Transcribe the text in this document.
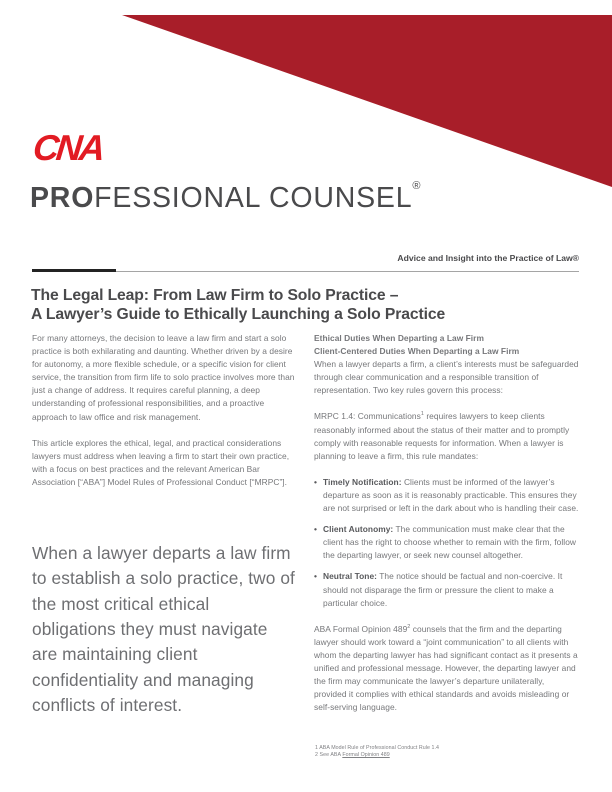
CNA
PROFESSIONAL COUNSEL®
Advice and Insight into the Practice of Law®
The Legal Leap: From Law Firm to Solo Practice –
A Lawyer’s Guide to Ethically Launching a Solo Practice

For many attorneys, the decision to leave a law firm and start a solo practice is both exhilarating and daunting. Whether driven by a desire for autonomy, a more flexible schedule, or a specific vision for client service, the transition from firm life to solo practice involves more than just a change of address. It requires careful planning, a deep understanding of professional responsibilities, and a proactive approach to law office and risk management.

This article explores the ethical, legal, and practical considerations lawyers must address when leaving a firm to start their own practice, with a focus on best practices and the relevant American Bar Association [“ABA”] Model Rules of Professional Conduct [“MRPC”].

When a lawyer departs a law firm to establish a solo practice, two of the most critical ethical obligations they must navigate are maintaining client confidentiality and managing conflicts of interest.

Ethical Duties When Departing a Law Firm

Client-Centered Duties When Departing a Law Firm

When a lawyer departs a firm, a client’s interests must be safeguarded through clear communication and a responsible transition of representation. Two key rules govern this process:

MRPC 1.4: Communications$^1$ requires lawyers to keep clients reasonably informed about the status of their matter and to promptly comply with reasonable requests for information. When a lawyer is planning to leave a firm, this rule mandates:

• Timely Notification: Clients must be informed of the lawyer’s departure as soon as it is reasonably practicable. This ensures they are not surprised or left in the dark about who is handling their case.
• Client Autonomy: The communication must make clear that the client has the right to choose whether to remain with the firm, follow the departing lawyer, or seek new counsel altogether.
• Neutral Tone: The notice should be factual and non-coercive. It should not disparage the firm or pressure the client to make a particular choice.

ABA Formal Opinion $489^2$ counsels that the firm and the departing lawyer should work toward a “joint communication” to all clients with whom the departing lawyer has had significant contact as it presents a unified and professional message. However, the departing lawyer and the firm may communicate the lawyer’s departure unilaterally, provided it complies with ethical standards and avoids misleading or self-serving language.

1 ABA Model Rule of Professional Conduct Rule 1.4
2 See ABA Formal Opinion 489
